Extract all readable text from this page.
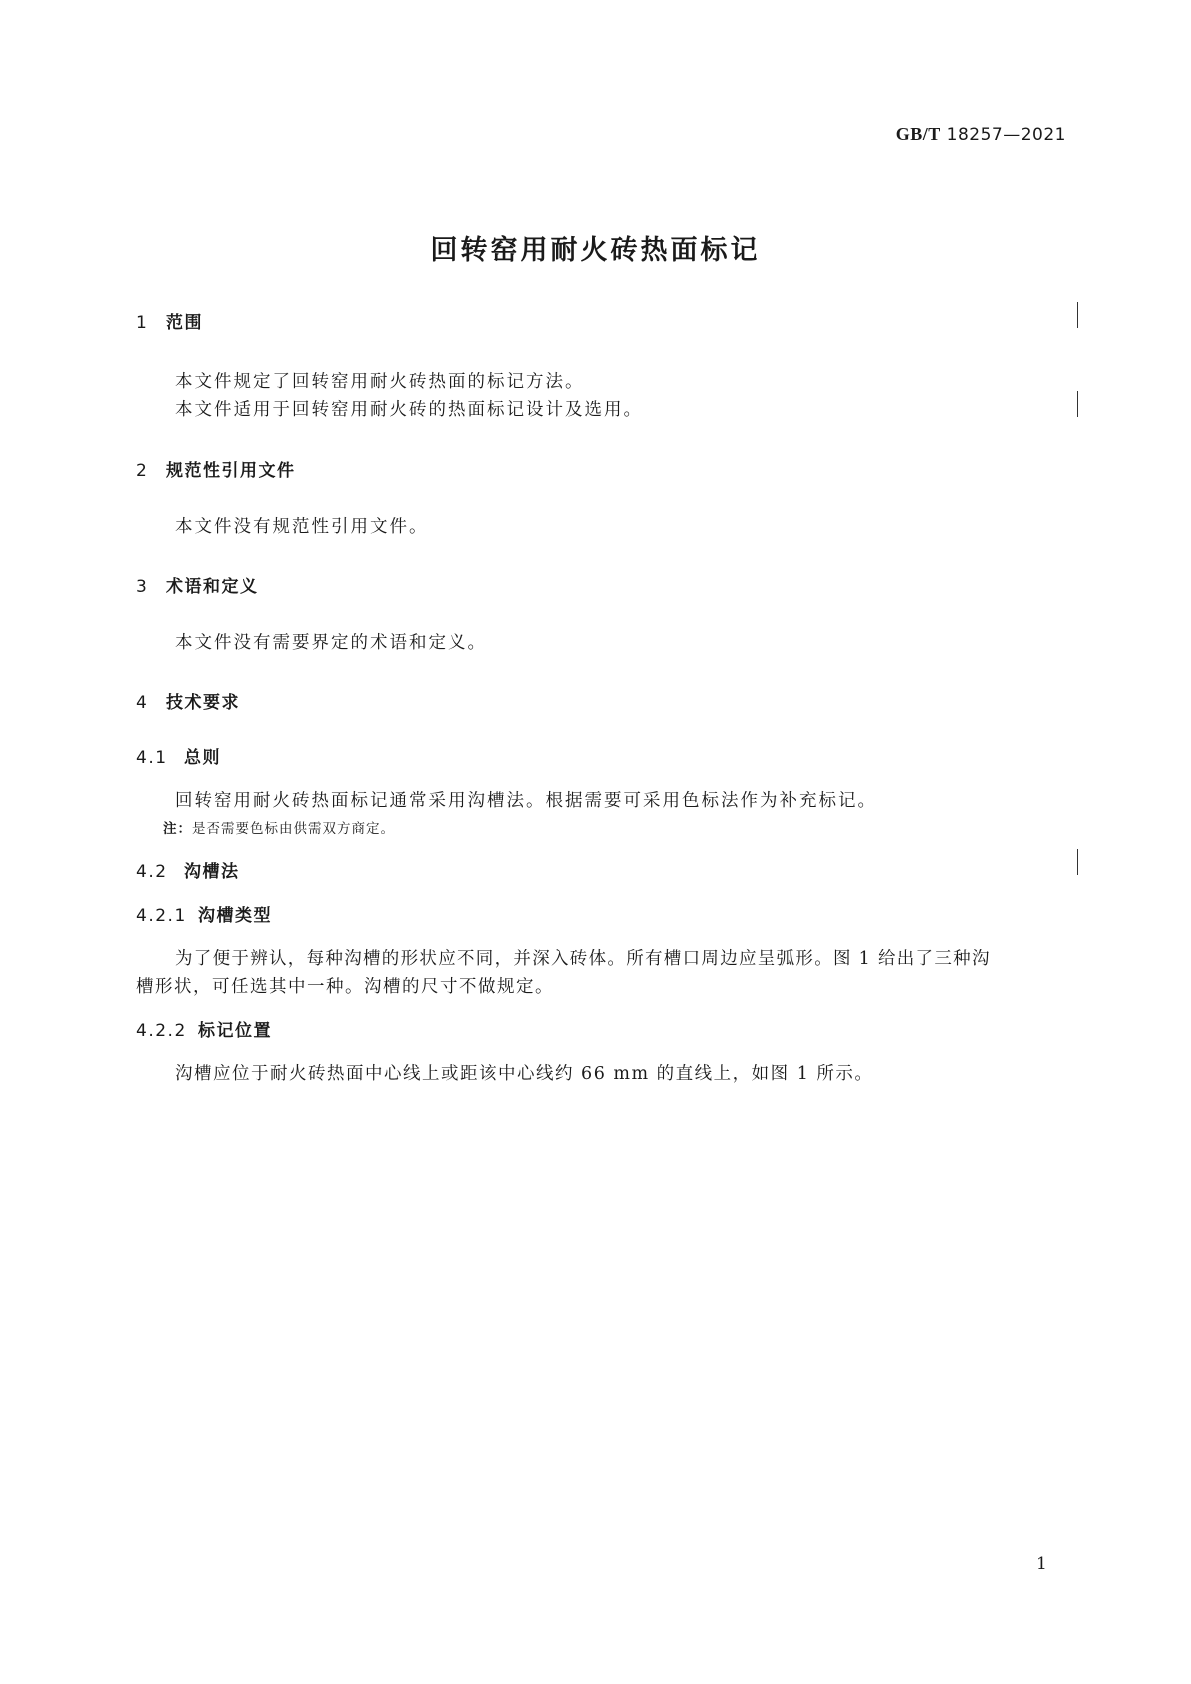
GB/T 18257—2021
回转窑用耐火砖热面标记
1 范围
本文件规定了回转窑用耐火砖热面的标记方法。
本文件适用于回转窑用耐火砖的热面标记设计及选用。
2 规范性引用文件
本文件没有规范性引用文件。
3 术语和定义
本文件没有需要界定的术语和定义。
4 技术要求
4.1 总则
回转窑用耐火砖热面标记通常采用沟槽法。根据需要可采用色标法作为补充标记。
注：是否需要色标由供需双方商定。
4.2 沟槽法
4.2.1 沟槽类型
为了便于辨认，每种沟槽的形状应不同，并深入砖体。所有槽口周边应呈弧形。图 1 给出了三种沟
槽形状，可任选其中一种。沟槽的尺寸不做规定。
4.2.2 标记位置
沟槽应位于耐火砖热面中心线上或距该中心线约 66 mm 的直线上，如图 1 所示。
1
